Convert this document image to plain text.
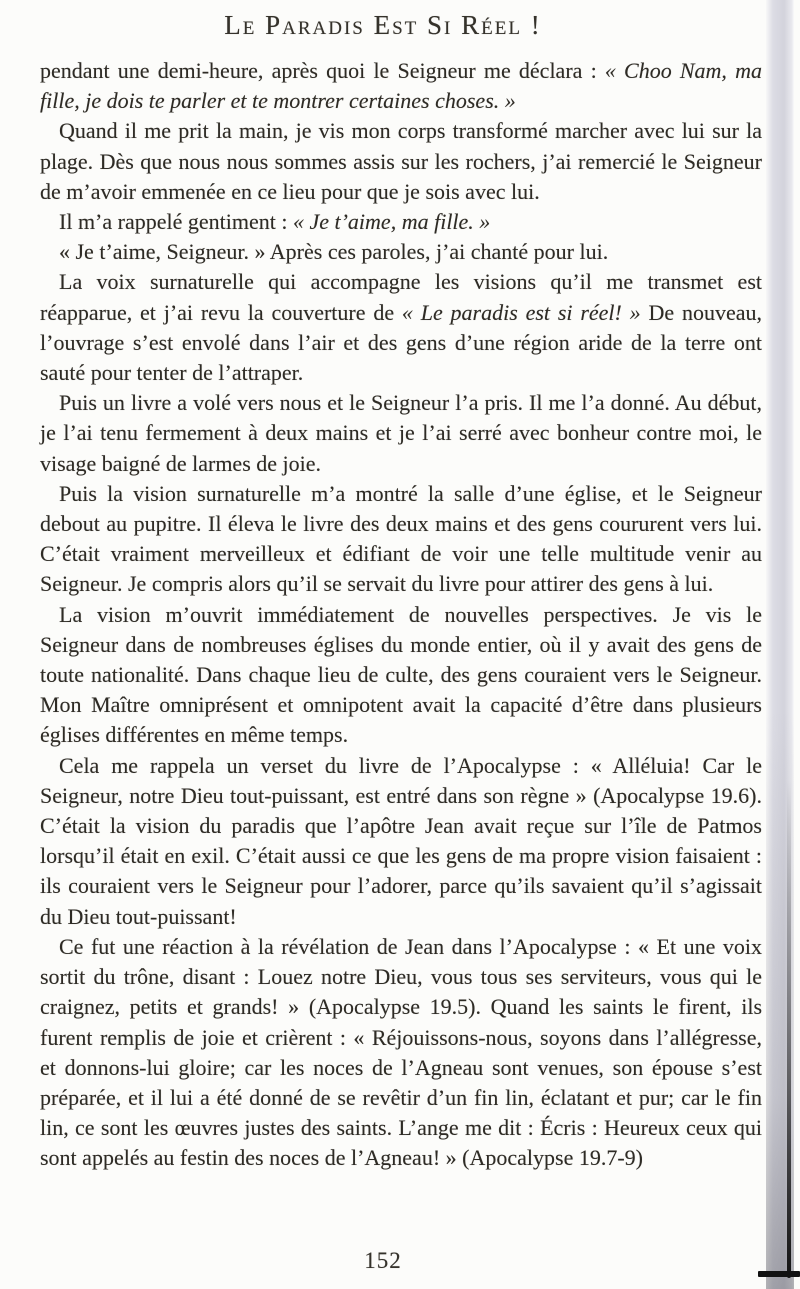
Le Paradis Est Si Réel !

pendant une demi-heure, après quoi le Seigneur me déclara : « Choo Nam, ma fille, je dois te parler et te montrer certaines choses. »

Quand il me prit la main, je vis mon corps transformé marcher avec lui sur la plage. Dès que nous nous sommes assis sur les rochers, j’ai remercié le Seigneur de m’avoir emmenée en ce lieu pour que je sois avec lui.

Il m’a rappelé gentiment : « Je t’aime, ma fille. »

« Je t’aime, Seigneur. » Après ces paroles, j’ai chanté pour lui.

La voix surnaturelle qui accompagne les visions qu’il me transmet est réapparue, et j’ai revu la couverture de « Le paradis est si réel! » De nouveau, l’ouvrage s’est envolé dans l’air et des gens d’une région aride de la terre ont sauté pour tenter de l’attraper.

Puis un livre a volé vers nous et le Seigneur l’a pris. Il me l’a donné. Au début, je l’ai tenu fermement à deux mains et je l’ai serré avec bonheur contre moi, le visage baigné de larmes de joie.

Puis la vision surnaturelle m’a montré la salle d’une église, et le Seigneur debout au pupitre. Il éleva le livre des deux mains et des gens coururent vers lui. C’était vraiment merveilleux et édifiant de voir une telle multitude venir au Seigneur. Je compris alors qu’il se servait du livre pour attirer des gens à lui.

La vision m’ouvrit immédiatement de nouvelles perspectives. Je vis le Seigneur dans de nombreuses églises du monde entier, où il y avait des gens de toute nationalité. Dans chaque lieu de culte, des gens couraient vers le Seigneur. Mon Maître omniprésent et omnipotent avait la capacité d’être dans plusieurs églises différentes en même temps.

Cela me rappela un verset du livre de l’Apocalypse : « Alléluia! Car le Seigneur, notre Dieu tout-puissant, est entré dans son règne » (Apocalypse 19.6). C’était la vision du paradis que l’apôtre Jean avait reçue sur l’île de Patmos lorsqu’il était en exil. C’était aussi ce que les gens de ma propre vision faisaient : ils couraient vers le Seigneur pour l’adorer, parce qu’ils savaient qu’il s’agissait du Dieu tout-puissant!

Ce fut une réaction à la révélation de Jean dans l’Apocalypse : « Et une voix sortit du trône, disant : Louez notre Dieu, vous tous ses serviteurs, vous qui le craignez, petits et grands! » (Apocalypse 19.5). Quand les saints le firent, ils furent remplis de joie et crièrent : « Réjouissons-nous, soyons dans l’allégresse, et donnons-lui gloire; car les noces de l’Agneau sont venues, son épouse s’est préparée, et il lui a été donné de se revêtir d’un fin lin, éclatant et pur; car le fin lin, ce sont les œuvres justes des saints. L’ange me dit : Écris : Heureux ceux qui sont appelés au festin des noces de l’Agneau! » (Apocalypse 19.7-9)

152
